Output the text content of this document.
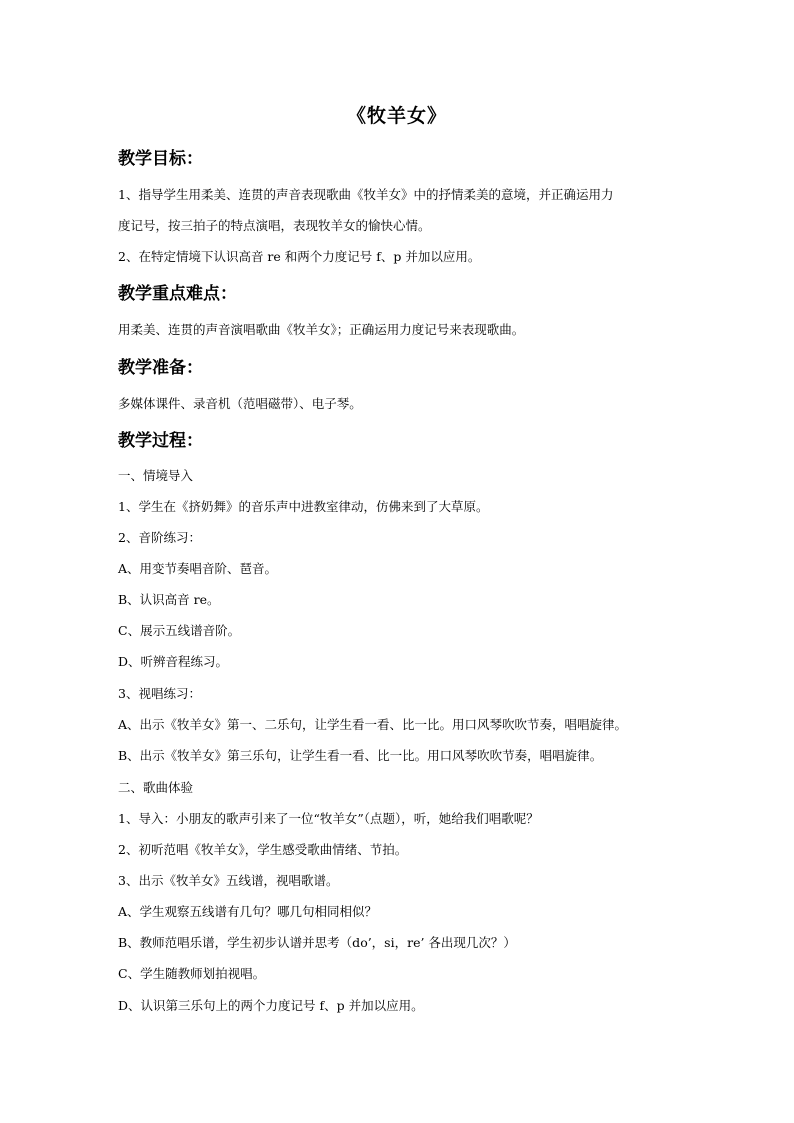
《牧羊女》
教学目标：
1、指导学生用柔美、连贯的声音表现歌曲《牧羊女》中的抒情柔美的意境，并正确运用力
度记号，按三拍子的特点演唱，表现牧羊女的愉快心情。
2、在特定情境下认识高音 re 和两个力度记号 f、p 并加以应用。
教学重点难点：
用柔美、连贯的声音演唱歌曲《牧羊女》；正确运用力度记号来表现歌曲。
教学准备：
多媒体课件、录音机（范唱磁带）、电子琴。
教学过程：
一、情境导入
1、学生在《挤奶舞》的音乐声中进教室律动，仿佛来到了大草原。
2、音阶练习：
A、用变节奏唱音阶、琶音。
B、认识高音 re。
C、展示五线谱音阶。
D、听辨音程练习。
3、视唱练习：
A、出示《牧羊女》第一、二乐句，让学生看一看、比一比。用口风琴吹吹节奏，唱唱旋律。
B、出示《牧羊女》第三乐句，让学生看一看、比一比。用口风琴吹吹节奏，唱唱旋律。
二、歌曲体验
1、导入：小朋友的歌声引来了一位“牧羊女”（点题），听，她给我们唱歌呢？
2、初听范唱《牧羊女》，学生感受歌曲情绪、节拍。
3、出示《牧羊女》五线谱，视唱歌谱。
A、学生观察五线谱有几句？哪几句相同相似？
B、教师范唱乐谱，学生初步认谱并思考（do’，si，re’ 各出现几次？）
C、学生随教师划拍视唱。
D、认识第三乐句上的两个力度记号 f、p 并加以应用。
